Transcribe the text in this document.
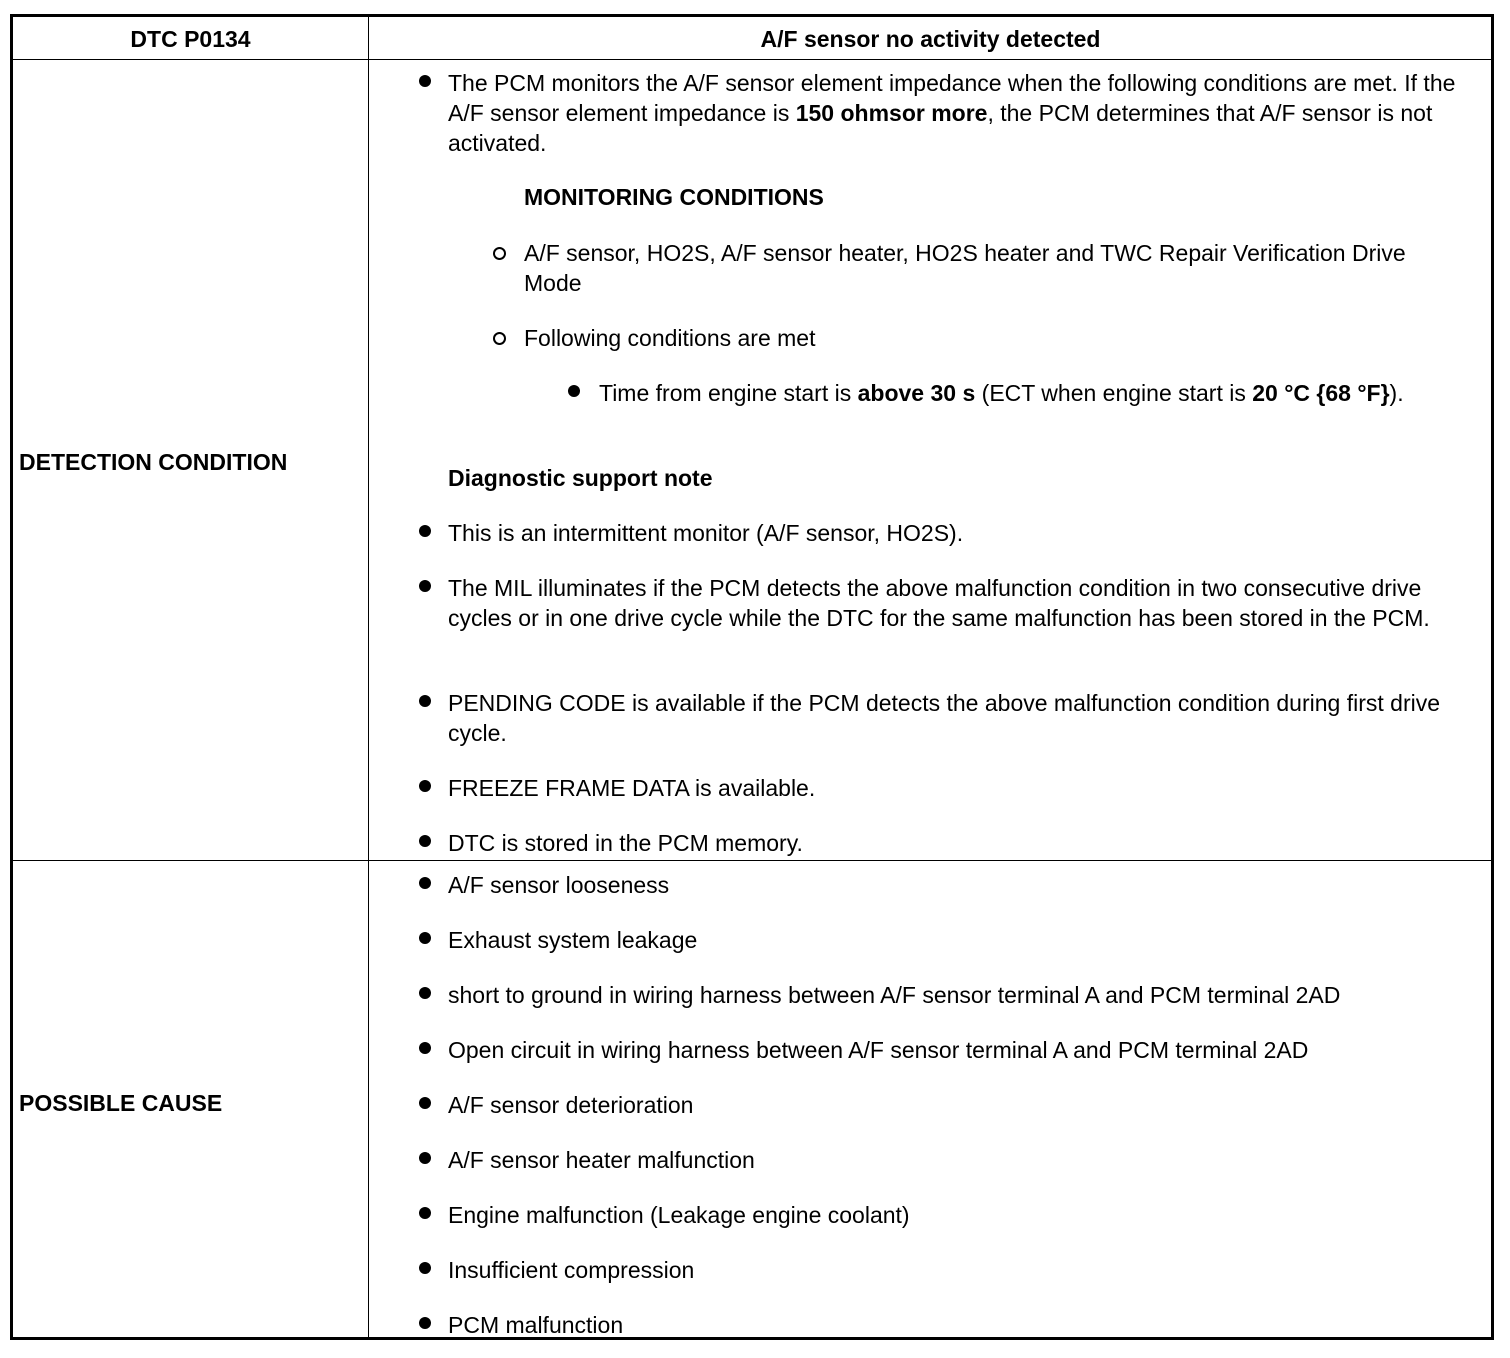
DTC P0134	A/F sensor no activity detected
DETECTION CONDITION
POSSIBLE CAUSE

The PCM monitors the A/F sensor element impedance when the following conditions are met. If the A/F sensor element impedance is 150 ohmsor more, the PCM determines that A/F sensor is not activated.

MONITORING CONDITIONS

A/F sensor, HO2S, A/F sensor heater, HO2S heater and TWC Repair Verification Drive Mode

Following conditions are met

Time from engine start is above 30 s (ECT when engine start is 20 °C {68 °F}).

Diagnostic support note

This is an intermittent monitor (A/F sensor, HO2S).

The MIL illuminates if the PCM detects the above malfunction condition in two consecutive drive cycles or in one drive cycle while the DTC for the same malfunction has been stored in the PCM.

PENDING CODE is available if the PCM detects the above malfunction condition during first drive cycle.

FREEZE FRAME DATA is available.

DTC is stored in the PCM memory.

A/F sensor looseness

Exhaust system leakage

short to ground in wiring harness between A/F sensor terminal A and PCM terminal 2AD

Open circuit in wiring harness between A/F sensor terminal A and PCM terminal 2AD

A/F sensor deterioration

A/F sensor heater malfunction

Engine malfunction (Leakage engine coolant)

Insufficient compression

PCM malfunction
